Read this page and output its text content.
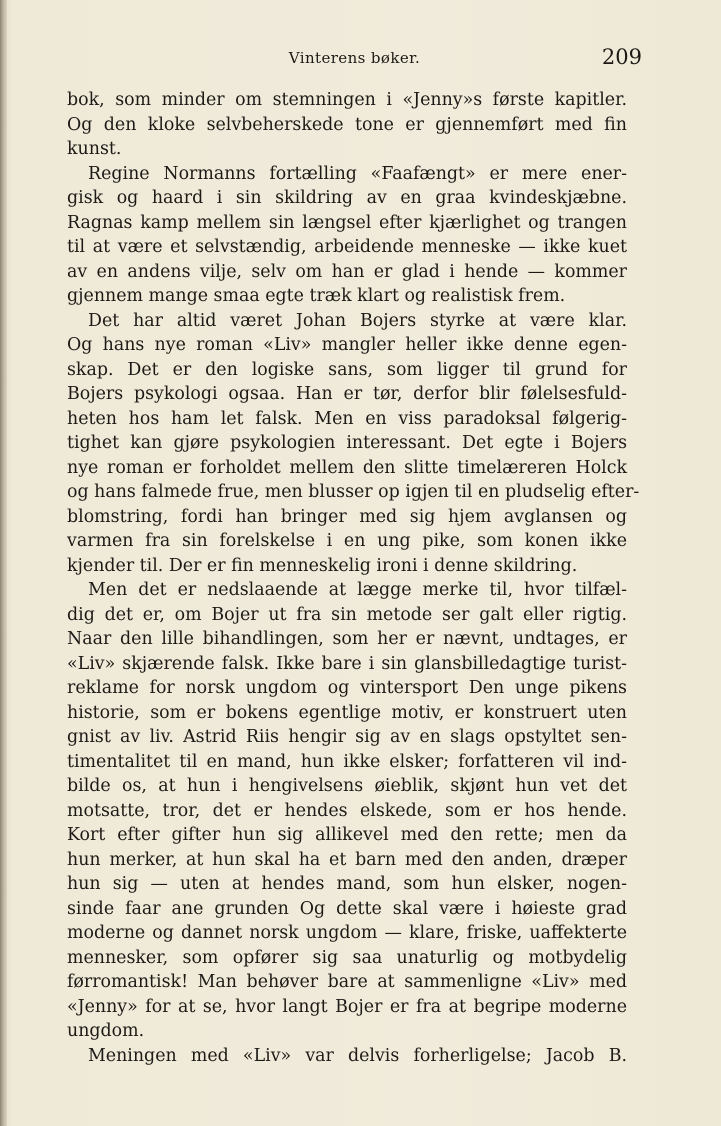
Vinterens bøker.	209
bok, som minder om stemningen i «Jenny»s første kapitler.
Og den kloke selvbeherskede tone er gjennemført med fin
kunst.
Regine Normanns fortælling «Faafængt» er mere ener-
gisk og haard i sin skildring av en graa kvindeskjæbne.
Ragnas kamp mellem sin længsel efter kjærlighet og trangen
til at være et selvstændig, arbeidende menneske — ikke kuet
av en andens vilje, selv om han er glad i hende — kommer
gjennem mange smaa egte træk klart og realistisk frem.
Det har altid været Johan Bojers styrke at være klar.
Og hans nye roman «Liv» mangler heller ikke denne egen-
skap. Det er den logiske sans, som ligger til grund for
Bojers psykologi ogsaa. Han er tør, derfor blir følelsesfuld-
heten hos ham let falsk. Men en viss paradoksal følgerig-
tighet kan gjøre psykologien interessant. Det egte i Bojers
nye roman er forholdet mellem den slitte timelæreren Holck
og hans falmede frue, men blusser op igjen til en pludselig efter-
blomstring, fordi han bringer med sig hjem avglansen og
varmen fra sin forelskelse i en ung pike, som konen ikke
kjender til. Der er fin menneskelig ironi i denne skildring.
Men det er nedslaaende at lægge merke til, hvor tilfæl-
dig det er, om Bojer ut fra sin metode ser galt eller rigtig.
Naar den lille bihandlingen, som her er nævnt, undtages, er
«Liv» skjærende falsk. Ikke bare i sin glansbilledagtige turist-
reklame for norsk ungdom og vintersport Den unge pikens
historie, som er bokens egentlige motiv, er konstruert uten
gnist av liv. Astrid Riis hengir sig av en slags opstyltet sen-
timentalitet til en mand, hun ikke elsker; forfatteren vil ind-
bilde os, at hun i hengivelsens øieblik, skjønt hun vet det
motsatte, tror, det er hendes elskede, som er hos hende.
Kort efter gifter hun sig allikevel med den rette; men da
hun merker, at hun skal ha et barn med den anden, dræper
hun sig — uten at hendes mand, som hun elsker, nogen-
sinde faar ane grunden Og dette skal være i høieste grad
moderne og dannet norsk ungdom — klare, friske, uaffekterte
mennesker, som opfører sig saa unaturlig og motbydelig
førromantisk! Man behøver bare at sammenligne «Liv» med
«Jenny» for at se, hvor langt Bojer er fra at begripe moderne
ungdom.
Meningen med «Liv» var delvis forherligelse; Jacob B.
